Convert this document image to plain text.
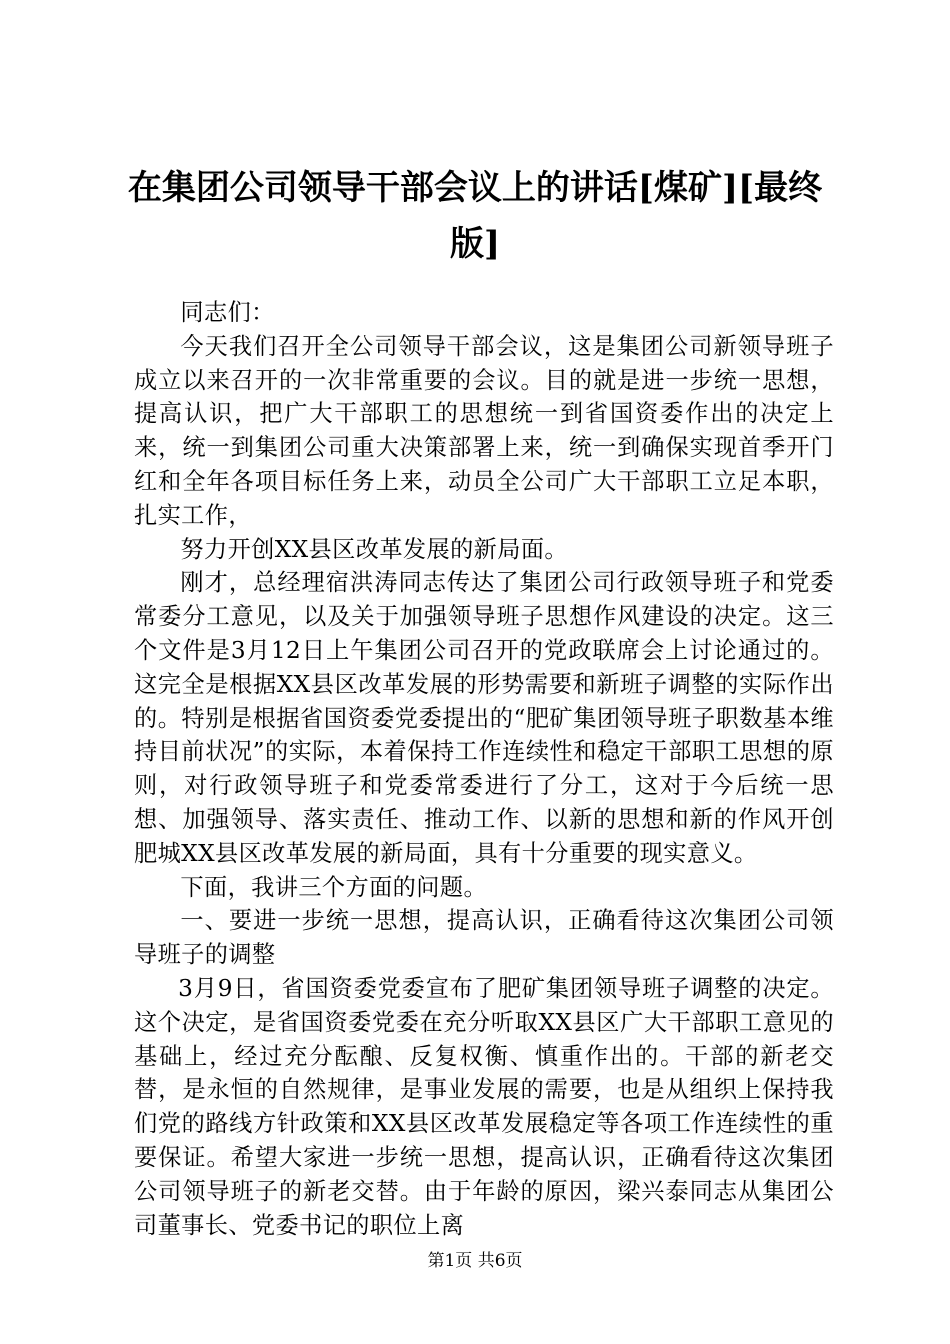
在集团公司领导干部会议上的讲话[煤矿][最终版]

同志们：

今天我们召开全公司领导干部会议，这是集团公司新领导班子成立以来召开的一次非常重要的会议。目的就是进一步统一思想，提高认识，把广大干部职工的思想统一到省国资委作出的决定上来，统一到集团公司重大决策部署上来，统一到确保实现首季开门红和全年各项目标任务上来，动员全公司广大干部职工立足本职，扎实工作，

努力开创XX县区改革发展的新局面。

刚才，总经理宿洪涛同志传达了集团公司行政领导班子和党委常委分工意见，以及关于加强领导班子思想作风建设的决定。这三个文件是3月12日上午集团公司召开的党政联席会上讨论通过的。这完全是根据XX县区改革发展的形势需要和新班子调整的实际作出的。特别是根据省国资委党委提出的“肥矿集团领导班子职数基本维持目前状况”的实际，本着保持工作连续性和稳定干部职工思想的原则，对行政领导班子和党委常委进行了分工，这对于今后统一思想、加强领导、落实责任、推动工作、以新的思想和新的作风开创肥城XX县区改革发展的新局面，具有十分重要的现实意义。

下面，我讲三个方面的问题。

一、要进一步统一思想，提高认识，正确看待这次集团公司领导班子的调整

3月9日，省国资委党委宣布了肥矿集团领导班子调整的决定。这个决定，是省国资委党委在充分听取XX县区广大干部职工意见的基础上，经过充分酝酿、反复权衡、慎重作出的。干部的新老交替，是永恒的自然规律，是事业发展的需要，也是从组织上保持我们党的路线方针政策和XX县区改革发展稳定等各项工作连续性的重要保证。希望大家进一步统一思想，提高认识，正确看待这次集团公司领导班子的新老交替。由于年龄的原因，梁兴泰同志从集团公司董事长、党委书记的职位上离

第1页 共6页
